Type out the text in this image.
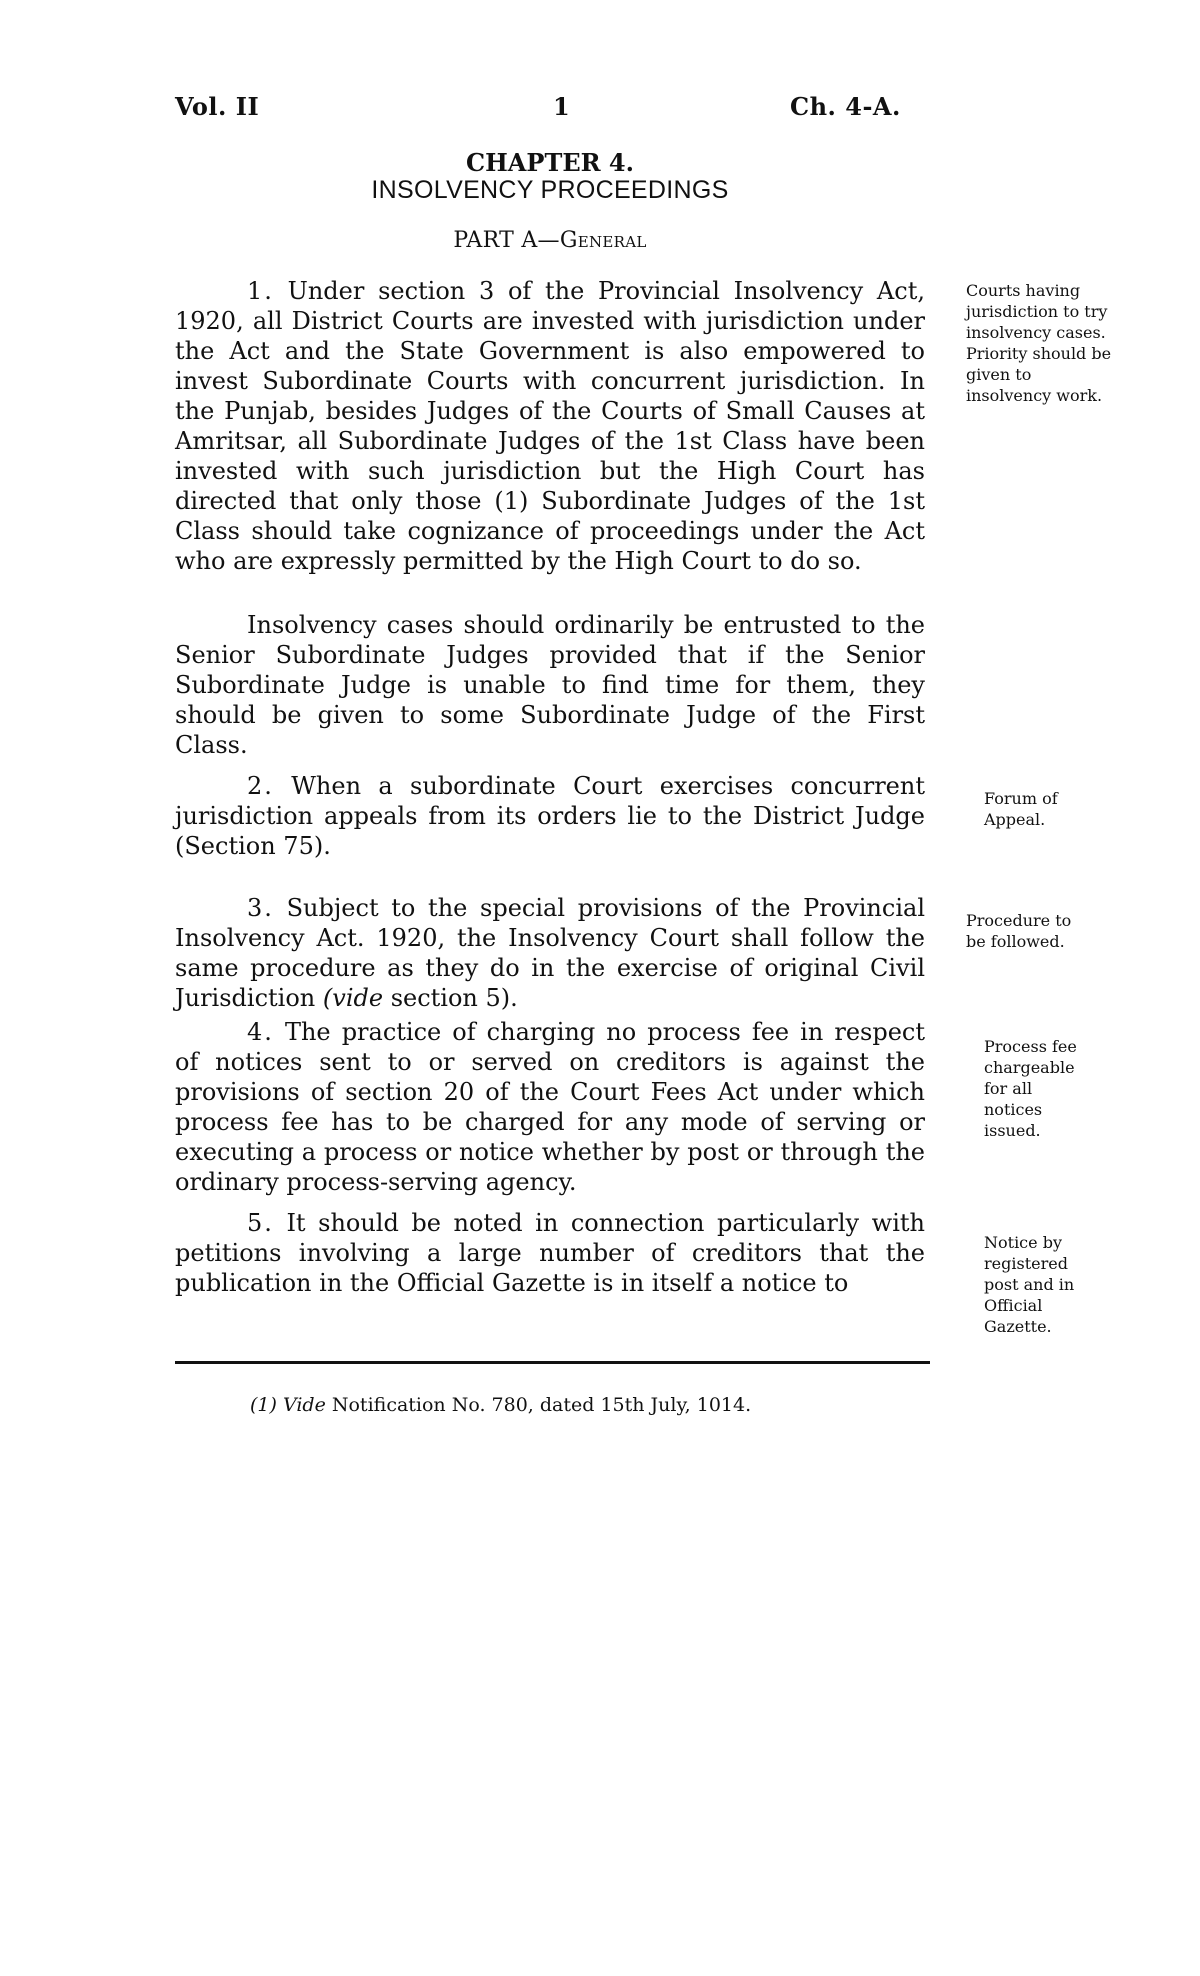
Vol. II	1	Ch. 4-A.
CHAPTER 4.
INSOLVENCY PROCEEDINGS
PART A—General

1. Under section 3 of the Provincial Insolvency Act, 1920, all District Courts are invested with jurisdiction under the Act and the State Government is also empowered to invest Subordinate Courts with concurrent jurisdiction. In the Punjab, besides Judges of the Courts of Small Causes at Amritsar, all Subordinate Judges of the 1st Class have been invested with such jurisdiction but the High Court has directed that only those (1) Subordinate Judges of the 1st Class should take cognizance of proceedings under the Act who are expressly permitted by the High Court to do so.

Insolvency cases should ordinarily be entrusted to the Senior Subordinate Judges provided that if the Senior Subordinate Judge is unable to find time for them, they should be given to some Subordinate Judge of the First Class.

2. When a subordinate Court exercises concurrent jurisdiction appeals from its orders lie to the District Judge (Section 75).

3. Subject to the special provisions of the Provincial Insolvency Act. 1920, the Insolvency Court shall follow the same procedure as they do in the exercise of original Civil Jurisdiction (vide section 5).

4. The practice of charging no process fee in respect of notices sent to or served on creditors is against the provisions of section 20 of the Court Fees Act under which process fee has to be charged for any mode of serving or executing a process or notice whether by post or through the ordinary process-serving agency.

5. It should be noted in connection particularly with petitions involving a large number of creditors that the publication in the Official Gazette is in itself a notice to

Courts having jurisdiction to try insolvency cases. Priority should be given to insolvency work.
Forum of Appeal.
Procedure to be followed.
Process fee chargeable for all notices issued.
Notice by registered post and in Official Gazette.
(1) Vide Notification No. 780, dated 15th July, 1014.
